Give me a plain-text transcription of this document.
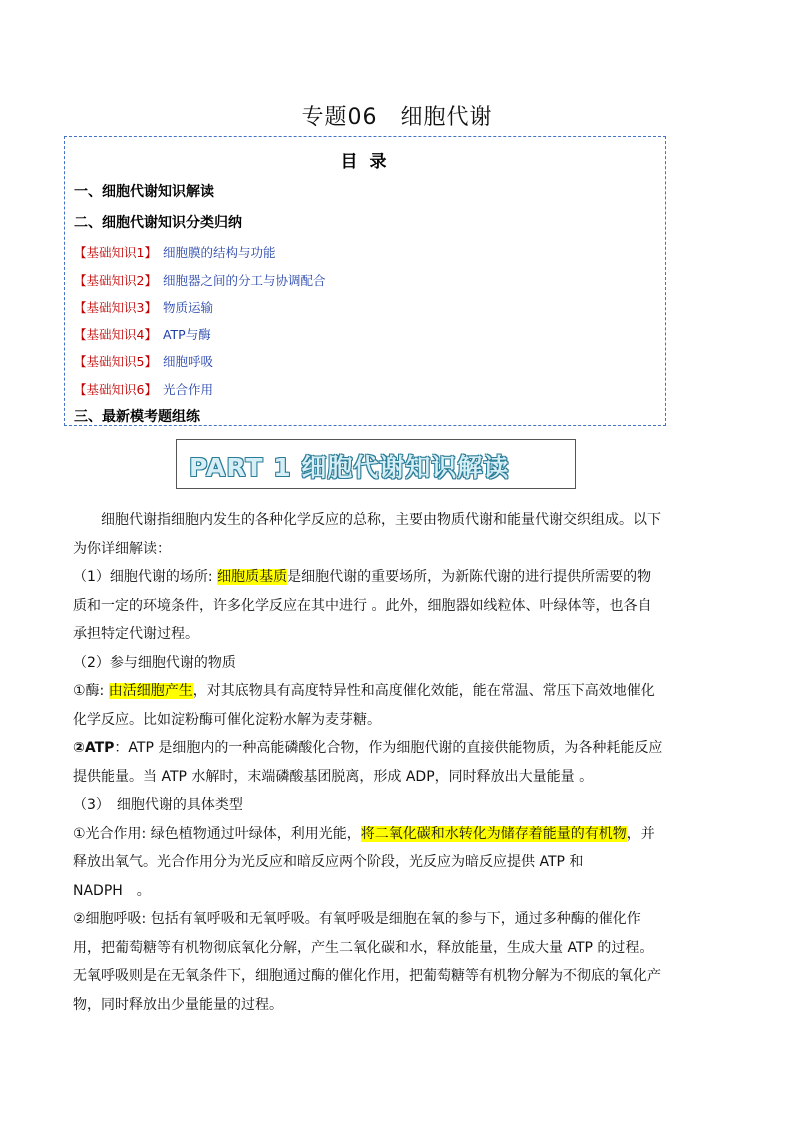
专题06　细胞代谢
目 录
一、细胞代谢知识解读
二、细胞代谢知识分类归纳
【基础知识1】 细胞膜的结构与功能
【基础知识2】 细胞器之间的分工与协调配合
【基础知识3】 物质运输
【基础知识4】 ATP与酶
【基础知识5】 细胞呼吸
【基础知识6】 光合作用
三、最新模考题组练
PART 1 细胞代谢知识解读

细胞代谢指细胞内发生的各种化学反应的总称，主要由物质代谢和能量代谢交织组成。以下为你详细解读：

（1）细胞代谢的场所: 细胞质基质是细胞代谢的重要场所，为新陈代谢的进行提供所需要的物质和一定的环境条件，许多化学反应在其中进行 。此外，细胞器如线粒体、叶绿体等，也各自承担特定代谢过程。

（2）参与细胞代谢的物质

①酶: 由活细胞产生，对其底物具有高度特异性和高度催化效能，能在常温、常压下高效地催化化学反应。比如淀粉酶可催化淀粉水解为麦芽糖。

②ATP：ATP 是细胞内的一种高能磷酸化合物，作为细胞代谢的直接供能物质，为各种耗能反应提供能量。当 ATP 水解时，末端磷酸基团脱离，形成 ADP，同时释放出大量能量 。

（3）　细胞代谢的具体类型

①光合作用: 绿色植物通过叶绿体，利用光能，将二氧化碳和水转化为储存着能量的有机物，并释放出氧气。光合作用分为光反应和暗反应两个阶段，光反应为暗反应提供 ATP 和 NADPH　。

②细胞呼吸: 包括有氧呼吸和无氧呼吸。有氧呼吸是细胞在氧的参与下，通过多种酶的催化作用，把葡萄糖等有机物彻底氧化分解，产生二氧化碳和水，释放能量，生成大量 ATP 的过程。无氧呼吸则是在无氧条件下，细胞通过酶的催化作用，把葡萄糖等有机物分解为不彻底的氧化产物，同时释放出少量能量的过程。
